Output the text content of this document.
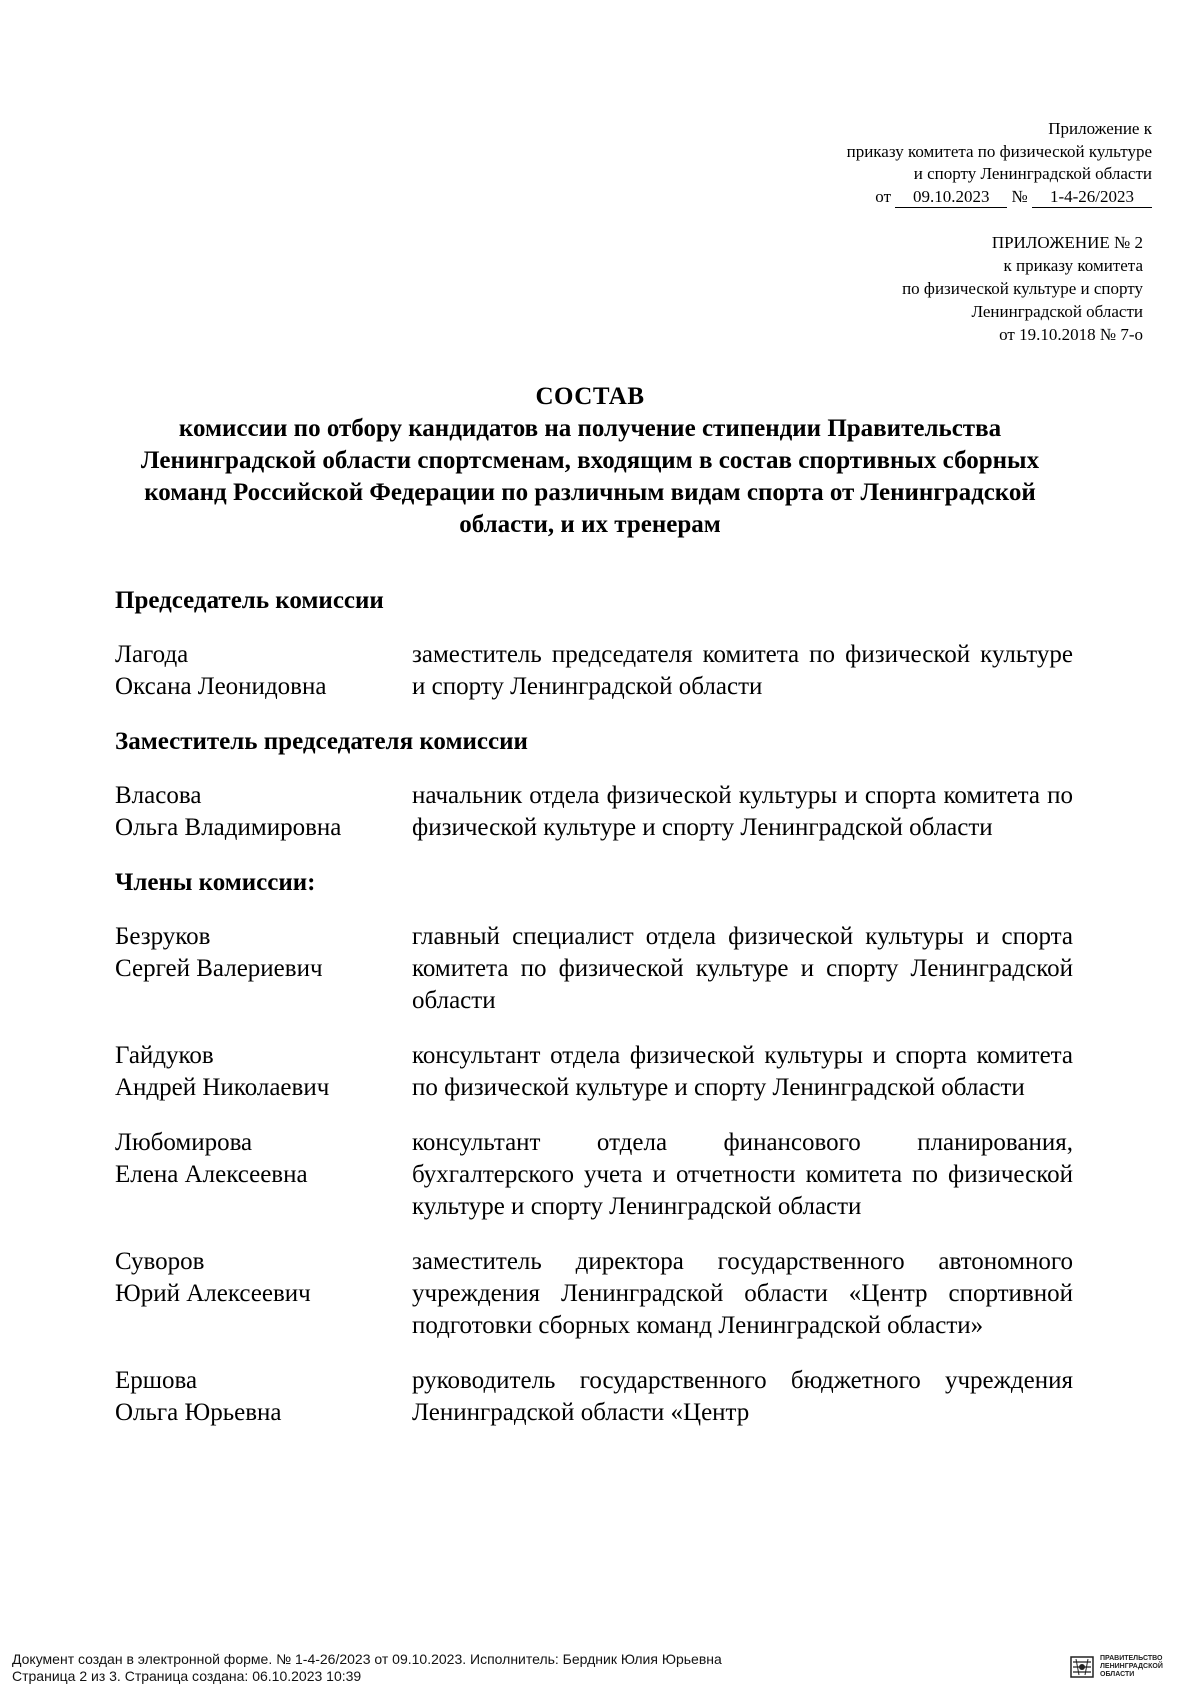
Приложение к
приказу комитета по физической культуре
и спорту Ленинградской области
от 09.10.2023 № 1-4-26/2023
ПРИЛОЖЕНИЕ № 2
к приказу комитета
по физической культуре и спорту
Ленинградской области
от 19.10.2018 № 7-о
СОСТАВ
комиссии по отбору кандидатов на получение стипендии Правительства
Ленинградской области спортсменам, входящим в состав спортивных сборных
команд Российской Федерации по различным видам спорта от Ленинградской
области, и их тренерам
Председатель комиссии
Лагода
Оксана Леонидовна
заместитель председателя комитета по физической культуре и спорту Ленинградской области
Заместитель председателя комиссии
Власова
Ольга Владимировна
начальник отдела физической культуры и спорта комитета по физической культуре и спорту Ленинградской области
Члены комиссии:
Безруков
Сергей Валериевич
главный специалист отдела физической культуры и спорта комитета по физической культуре и спорту Ленинградской области
Гайдуков
Андрей Николаевич
консультант отдела физической культуры и спорта комитета по физической культуре и спорту Ленинградской области
Любомирова
Елена Алексеевна
консультант отдела финансового планирования, бухгалтерского учета и отчетности комитета по физической культуре и спорту Ленинградской области
Суворов
Юрий Алексеевич
заместитель директора государственного автономного учреждения Ленинградской области «Центр спортивной подготовки сборных команд Ленинградской области»
Ершова
Ольга Юрьевна
руководитель государственного бюджетного учреждения Ленинградской области «Центр
Документ создан в электронной форме. № 1-4-26/2023 от 09.10.2023. Исполнитель: Бердник Юлия Юрьевна
Страница 2 из 3. Страница создана: 06.10.2023 10:39
ПРАВИТЕЛЬСТВО
ЛЕНИНГРАДСКОЙ
ОБЛАСТИ
